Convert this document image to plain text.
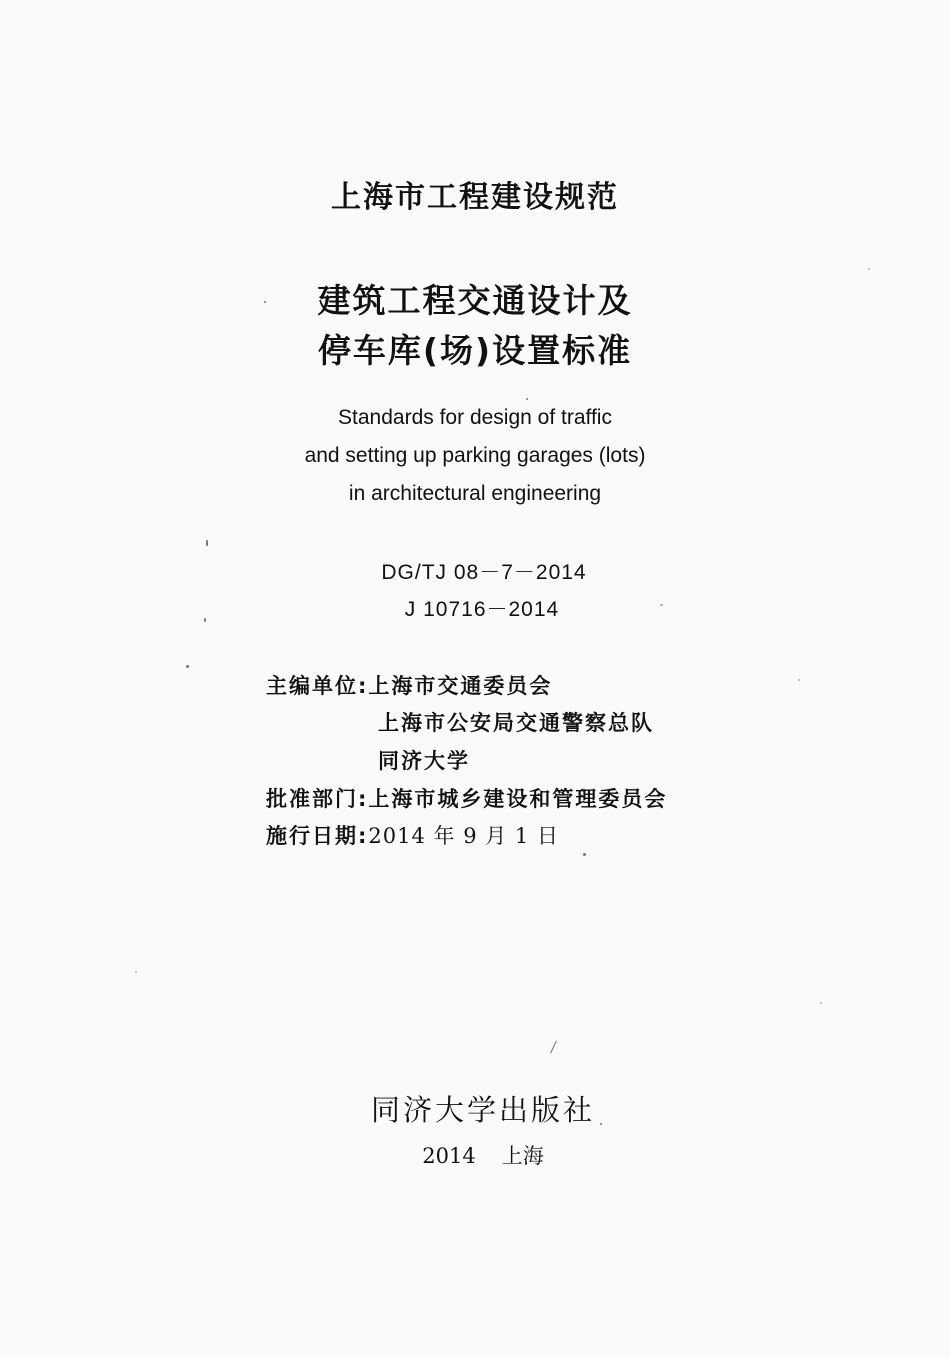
上海市工程建设规范
建筑工程交通设计及
停车库(场)设置标准
Standards for design of traffic
and setting up parking garages (lots)
in architectural engineering
DG/TJ 08－7－2014
J 10716－2014
主编单位:上海市交通委员会
上海市公安局交通警察总队
同济大学
批准部门:上海市城乡建设和管理委员会
施行日期:2014 年 9 月 1 日
同济大学出版社
2014 上海
